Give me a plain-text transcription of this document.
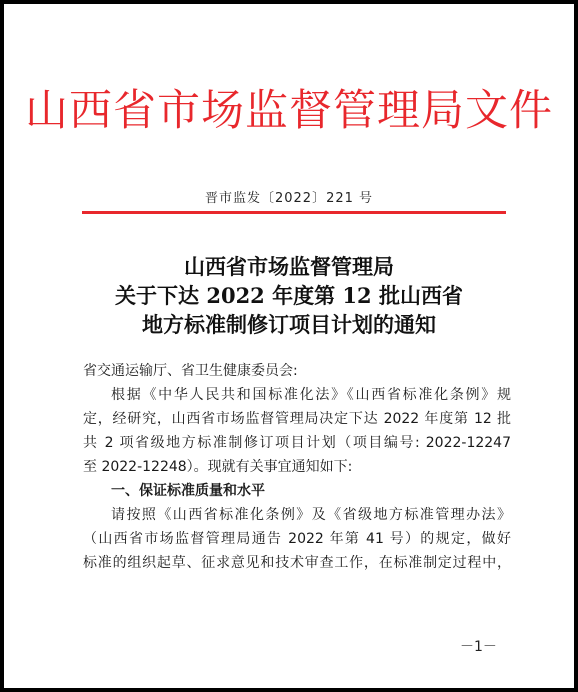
山西省市场监督管理局文件
晋市监发〔2022〕221 号
山西省市场监督管理局
关于下达 2022 年度第 12 批山西省
地方标准制修订项目计划的通知
省交通运输厅、省卫生健康委员会:
根据《中华人民共和国标准化法》《山西省标准化条例》规
定，经研究，山西省市场监督管理局决定下达 2022 年度第 12 批
共 2 项省级地方标准制修订项目计划（项目编号: 2022-12247
至 2022-12248）。现就有关事宜通知如下:
一、保证标准质量和水平
请按照《山西省标准化条例》及《省级地方标准管理办法》
（山西省市场监督管理局通告 2022 年第 41 号）的规定，做好
标准的组织起草、征求意见和技术审查工作，在标准制定过程中，
－1－
